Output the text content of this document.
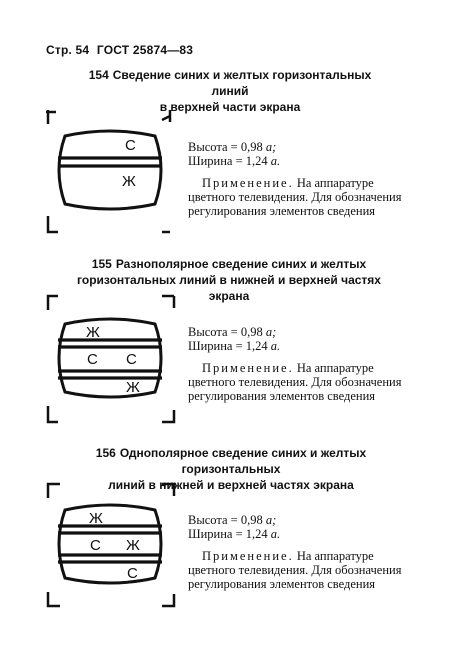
Стр. 54 ГОСТ 25874—83
154 Сведение синих и желтых горизонтальных линий
в верхней части экрана
С
Ж
Высота = 0,98 a;
Ширина = 1,24 a.
Применение. На аппаратуре цветного телевидения. Для обозначения регулирования элементов сведения
155 Разнополярное сведение синих и желтых
горизонтальных линий в нижней и верхней частях экрана
Ж
С С
Ж
Высота = 0,98 a;
Ширина = 1,24 a.
Применение. На аппаратуре цветного телевидения. Для обозначения регулирования элементов сведения
156 Однополярное сведение синих и желтых горизонтальных
линий в нижней и верхней частях экрана
Ж
С Ж
С
Высота = 0,98 a;
Ширина = 1,24 a.
Применение. На аппаратуре цветного телевидения. Для обозначения регулирования элементов сведения
